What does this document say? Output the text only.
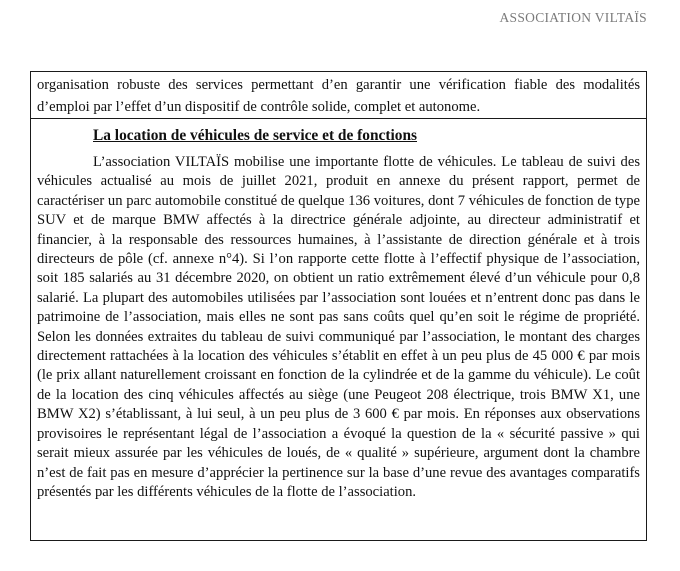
ASSOCIATION VILTAÏS

organisation robuste des services permettant d’en garantir une vérification fiable des modalités d’emploi par l’effet d’un dispositif de contrôle solide, complet et autonome.

La location de véhicules de service et de fonctions

L’association VILTAÏS mobilise une importante flotte de véhicules. Le tableau de suivi des véhicules actualisé au mois de juillet 2021, produit en annexe du présent rapport, permet de caractériser un parc automobile constitué de quelque 136 voitures, dont 7 véhicules de fonction de type SUV et de marque BMW affectés à la directrice générale adjointe, au directeur administratif et financier, à la responsable des ressources humaines, à l’assistante de direction générale et à trois directeurs de pôle (cf. annexe n°4). Si l’on rapporte cette flotte à l’effectif physique de l’association, soit 185 salariés au 31 décembre 2020, on obtient un ratio extrêmement élevé d’un véhicule pour 0,8 salarié. La plupart des automobiles utilisées par l’association sont louées et n’entrent donc pas dans le patrimoine de l’association, mais elles ne sont pas sans coûts quel qu’en soit le régime de propriété. Selon les données extraites du tableau de suivi communiqué par l’association, le montant des charges directement rattachées à la location des véhicules s’établit en effet à un peu plus de 45 000 € par mois (le prix allant naturellement croissant en fonction de la cylindrée et de la gamme du véhicule). Le coût de la location des cinq véhicules affectés au siège (une Peugeot 208 électrique, trois BMW X1, une BMW X2) s’établissant, à lui seul, à un peu plus de 3 600 € par mois. En réponses aux observations provisoires le représentant légal de l’association a évoqué la question de la « sécurité passive » qui serait mieux assurée par les véhicules de loués, de « qualité » supérieure, argument dont la chambre n’est de fait pas en mesure d’apprécier la pertinence sur la base d’une revue des avantages comparatifs présentés par les différents véhicules de la flotte de l’association.
